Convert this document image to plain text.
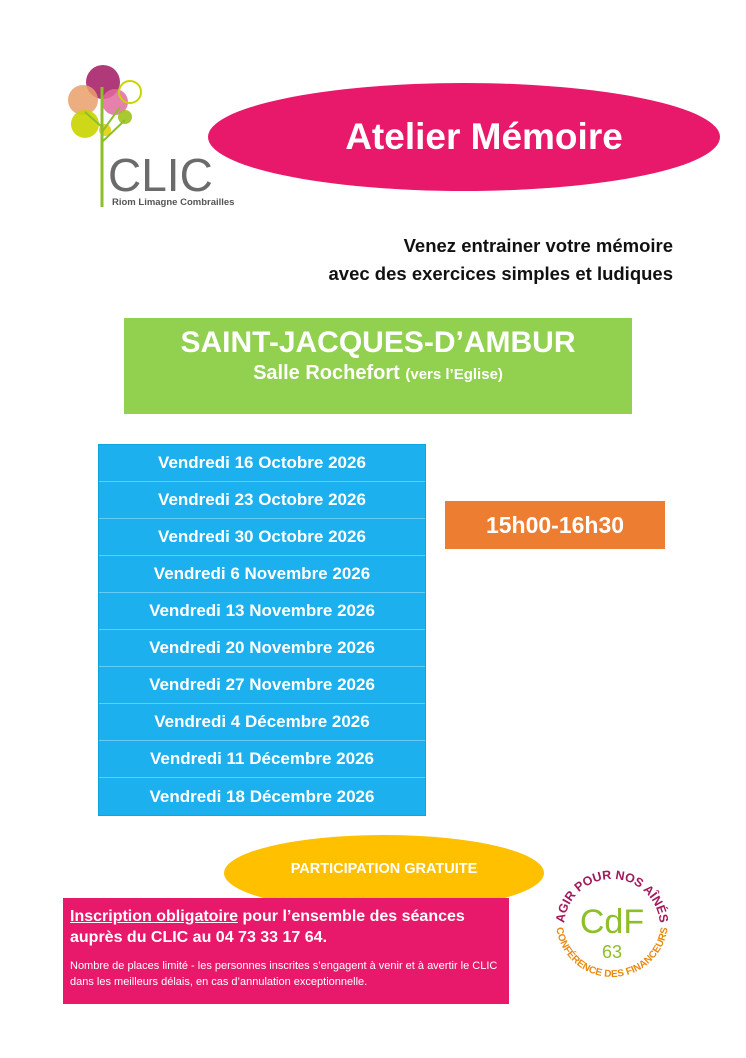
CLIC
Riom Limagne Combrailles
Atelier Mémoire
Venez entrainer votre mémoire
avec des exercices simples et ludiques
SAINT-JACQUES-D’AMBUR
Salle Rochefort (vers l’Eglise)
Vendredi 16 Octobre 2026
Vendredi 23 Octobre 2026
Vendredi 30 Octobre 2026
Vendredi 6 Novembre 2026
Vendredi 13 Novembre 2026
Vendredi 20 Novembre 2026
Vendredi 27 Novembre 2026
Vendredi 4 Décembre 2026
Vendredi 11 Décembre 2026
Vendredi 18 Décembre 2026
15h00-16h30
PARTICIPATION GRATUITE
Inscription obligatoire pour l’ensemble des séances
auprès du CLIC au 04 73 33 17 64.
Nombre de places limité - les personnes inscrites s’engagent à venir et à avertir le CLIC dans les meilleurs délais, en cas d’annulation exceptionnelle.
AGIR POUR NOS AÎNÉS
CONFÉRENCE DES FINANCEURS
CdF
63
